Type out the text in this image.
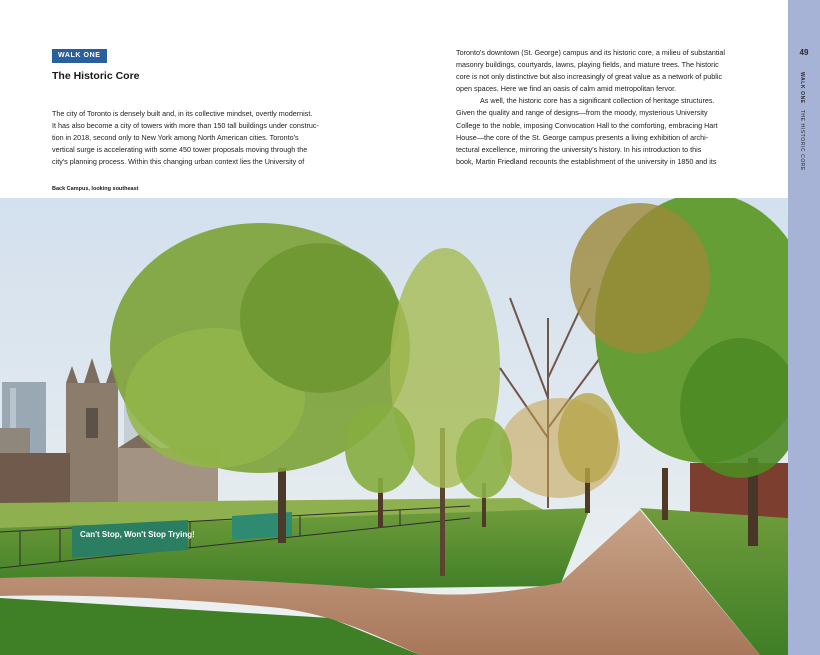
WALK ONE
The Historic Core

The city of Toronto is densely built and, in its collective mindset, overtly modernist.

It has also become a city of towers with more than 150 tall buildings under construc-

tion in 2018, second only to New York among North American cities. Toronto's

vertical surge is accelerating with some 450 tower proposals moving through the

city's planning process. Within this changing urban context lies the University of

Toronto's downtown (St. George) campus and its historic core, a milieu of substantial

masonry buildings, courtyards, lawns, playing fields, and mature trees. The historic

core is not only distinctive but also increasingly of great value as a network of public

open spaces. Here we find an oasis of calm amid metropolitan fervor.

As well, the historic core has a significant collection of heritage structures.

Given the quality and range of designs—from the moody, mysterious University

College to the noble, imposing Convocation Hall to the comforting, embracing Hart

House—the core of the St. George campus presents a living exhibition of archi-

tectural excellence, mirroring the university's history. In his introduction to this

book, Martin Friedland recounts the establishment of the university in 1850 and its

Back Campus, looking southeast
Can't Stop, Won't Stop Trying!
49
WALK ONE THE HISTORIC CORE
